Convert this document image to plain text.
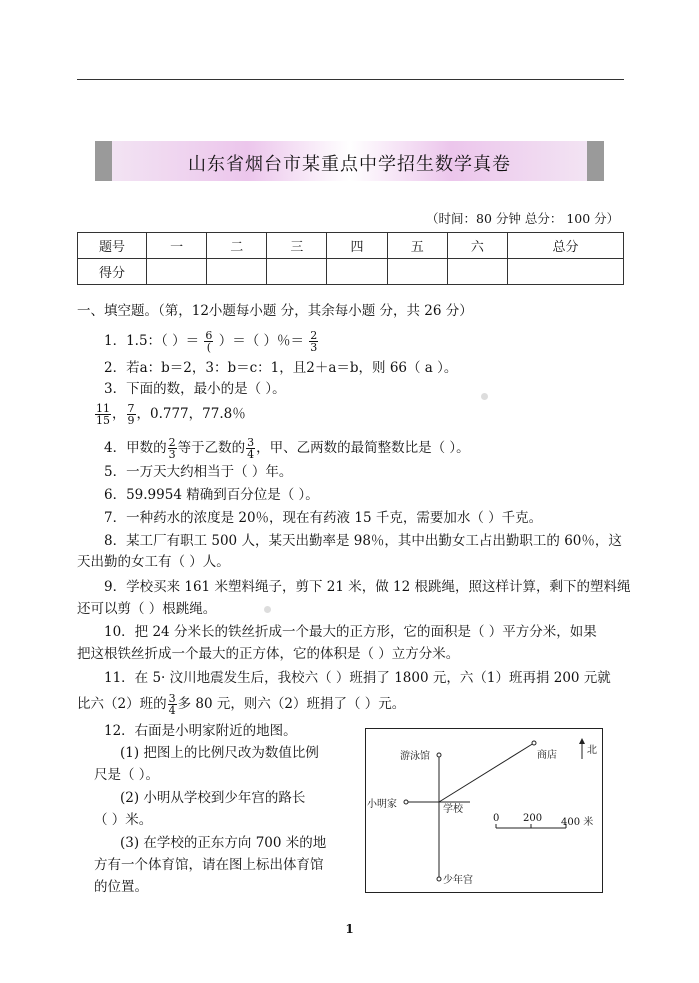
山东省烟台市某重点中学招生数学真卷
（时间：80 分钟 总分： 100 分）
题号	一	二	三	四	五	六	总分
得分							
一、填空题。（第，12小题每小题 分，其余每小题 分，共 26 分）
1．1.5：（ ）＝ $\frac{6}{(}$ ）＝（ ）％＝ $\frac{2}{3}$
2．若a：b＝2，3：b＝c：1，且2＋a＝b，则 66（ a ）。
3．下面的数，最小的是（ ）。
$\frac{11}{15}$ ， $\frac{7}{9}$ ，0.777，77.8％
4．甲数的 $\frac{2}{3}$ 等于乙数的 $\frac{3}{4}$ ，甲、乙两数的最简整数比是（ ）。
5．一万天大约相当于（ ）年。
6．59.9954 精确到百分位是（ ）。
7．一种药水的浓度是 20％，现在有药液 15 千克，需要加水（ ）千克。
8．某工厂有职工 500 人，某天出勤率是 98％，其中出勤女工占出勤职工的 60％，这
天出勤的女工有（ ）人。
9．学校买来 161 米塑料绳子，剪下 21 米，做 12 根跳绳，照这样计算，剩下的塑料绳
还可以剪（ ）根跳绳。
10．把 24 分米长的铁丝折成一个最大的正方形，它的面积是（ ）平方分米，如果
把这根铁丝折成一个最大的正方体，它的体积是（ ）立方分米。
11．在 5· 汶川地震发生后，我校六（ ）班捐了 1800 元，六（1）班再捐 200 元就
比六（2）班的 $\frac{3}{4}$ 多 80 元，则六（2）班捐了（ ）元。
12．右面是小明家附近的地图。
(1) 把图上的比例尺改为数值比例
尺是（ ）。
(2) 小明从学校到少年宫的路长
（ ）米。
(3) 在学校的正东方向 700 米的地
方有一个体育馆，请在图上标出体育馆
的位置。
游泳馆	商店
小明家	学校
少年宫
北
0 200 400 米
1
